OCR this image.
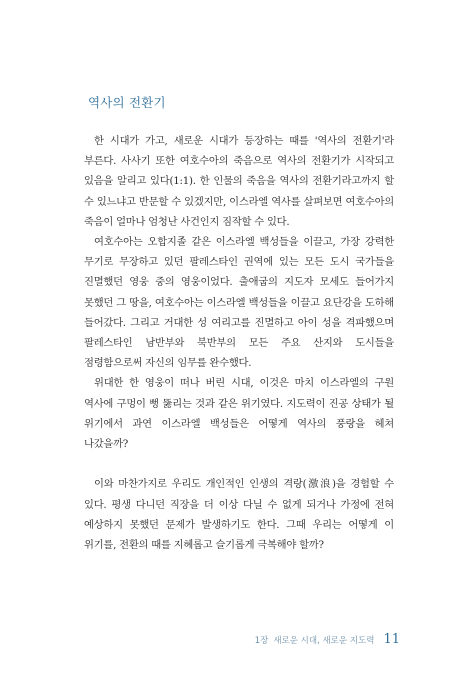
역사의 전환기

한 시대가 가고, 새로운 시대가 등장하는 때를 '역사의 전환기'라 부른다. 사사기 또한 여호수아의 죽음으로 역사의 전환기가 시작되고 있음을 알리고 있다(1:1). 한 인물의 죽음을 역사의 전환기라고까지 할 수 있느냐고 반문할 수 있겠지만, 이스라엘 역사를 살펴보면 여호수아의 죽음이 얼마나 엄청난 사건인지 짐작할 수 있다.

여호수아는 오합지졸 같은 이스라엘 백성들을 이끌고, 가장 강력한 무기로 무장하고 있던 팔레스타인 권역에 있는 모든 도시 국가들을 진멸했던 영웅 중의 영웅이었다. 출애굽의 지도자 모세도 들어가지 못했던 그 땅을, 여호수아는 이스라엘 백성들을 이끌고 요단강을 도하해 들어갔다. 그리고 거대한 성 여리고를 진멸하고 아이 성을 격파했으며 팔레스타인 남반부와 북반부의 모든 주요 산지와 도시들을 점령함으로써 자신의 임무를 완수했다.

위대한 한 영웅이 떠나 버린 시대, 이것은 마치 이스라엘의 구원 역사에 구멍이 뻥 뚫리는 것과 같은 위기였다. 지도력이 진공 상태가 될 위기에서 과연 이스라엘 백성들은 어떻게 역사의 풍랑을 헤쳐 나갔을까?

이와 마찬가지로 우리도 개인적인 인생의 격랑(激浪)을 경험할 수 있다. 평생 다니던 직장을 더 이상 다닐 수 없게 되거나 가정에 전혀 예상하지 못했던 문제가 발생하기도 한다. 그때 우리는 어떻게 이 위기를, 전환의 때를 지혜롭고 슬기롭게 극복해야 할까?

1장 새로운 시대, 새로운 지도력 11
